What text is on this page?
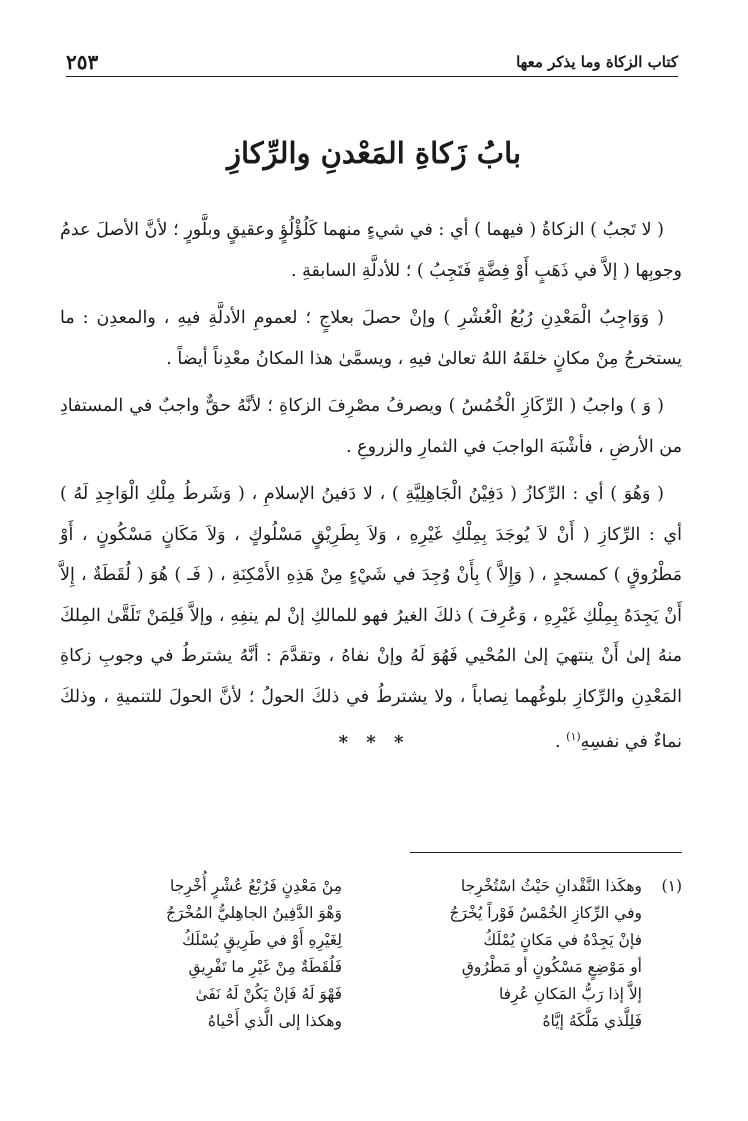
كتاب الزكاة وما يذكر معها
٢٥٣
بابُ زَكاةِ المَعْدنِ والرِّكازِ

( لا تَجبُ ) الزكاةُ ( فيهما ) أي : في شيءٍ منهما كَلُؤْلُؤٍ وعقيقٍ وبلَّورٍ ؛ لأنَّ الأصلَ عدمُ وجوبِها ( إلاَّ في ذَهَبٍ أَوْ فِضَّةٍ فَتَجِبُ ) ؛ للأدلَّةِ السابقةِ .

( وَوَاجِبُ الْمَعْدِنِ رُبُعُ الْعُشْرِ ) وإنْ حصلَ بعلاجٍ ؛ لعمومِ الأدلَّةِ فيهِ ، والمعدِن : ما يستخرجُ مِنْ مكانٍ خلقَهُ اللهُ تعالىٰ فيهِ ، ويسمَّىٰ هذا المكانُ معْدِناً أيضاً .

( وَ ) واجبُ ( الرِّكَازِ الْخُمُسُ ) ويصرفُ مصْرِفَ الزكاةِ ؛ لأنَّهُ حقٌّ واجبٌ في المستفادِ من الأرضِ ، فأشْبَهَ الواجبَ في الثمارِ والزروعِ .

( وَهُوَ ) أي : الرِّكازُ ( دَفِيْنُ الْجَاهِلِيَّةِ ) ، لا دَفينُ الإسلامِ ، ( وَشَرطُ مِلْكِ الْوَاجِدِ لَهُ ) أي : الرِّكازِ ( أَنْ لاَ يُوجَدَ بِمِلْكِ غَيْرِهِ ، وَلاَ بِطَرِيْقٍ مَسْلُوكٍ ، وَلاَ مَكَانٍ مَسْكُونٍ ، أَوْ مَطْرُوقٍ ) كمسجدٍ ، ( وَإِلاَّ ) بِأَنْ وُجِدَ في شَيْءٍ مِنْ هَذِهِ الأَمْكِنَةِ ، ( فَـ ) هُوَ ( لُقَطَةٌ ، إِلاَّ أَنْ يَجِدَهُ بِمِلْكِ غَيْرِهِ ، وَعُرِفَ ) ذلكَ الغيرُ فهو للمالكِ إنْ لم ينفِهِ ، وإلاَّ فَلِمَنْ تَلَقَّىٰ المِلكَ منهُ إلىٰ أَنْ ينتهيَ إلىٰ المُحْيي فَهُوَ لَهُ وإنْ نفاهُ ، وتقدَّمَ : أنَّهُ يشترطُ في وجوبِ زكاةِ المَعْدِنِ والرِّكازِ بلوغُهما نِصاباً ، ولا يشترطُ في ذلكَ الحولُ ؛ لأنَّ الحولَ للتنميةِ ، وذلكَ نماءٌ في نفسِهِ$^{(١)}$ .

* * *
(١)
وهكَذا النَّقْدانِ حَيْثُ اسْتُخْرِجا
مِنْ مَعْدِنٍ فَرُبْعُ عُشْرٍ أُخْرِجا
وفي الرِّكازِ الخُمْسُ فَوْراً يُخْرَجُ
وَهْوَ الدَّفِينُ الجاهِليُّ المُخْرَجُ
فإنْ يَجِدْهُ في مَكانٍ يُمْلَكُ
لِغَيْرِهِ أَوْ في طَرِيقٍ يُسْلَكُ
أو مَوْضِعٍ مَسْكُونٍ أو مَطْرُوقِ
فَلُقَطَةٌ مِنْ غَيْرِ ما تَفْرِيقِ
إلاَّ إذا رَبُّ المَكانِ عُرِفا
فَهْوَ لَهُ فَإنْ يَكُنْ لَهُ نَفَىٰ
فَلِلَّذي مَلَّكَهُ إيَّاهُ
وهكذا إلى الَّذي أَحْياهُ
